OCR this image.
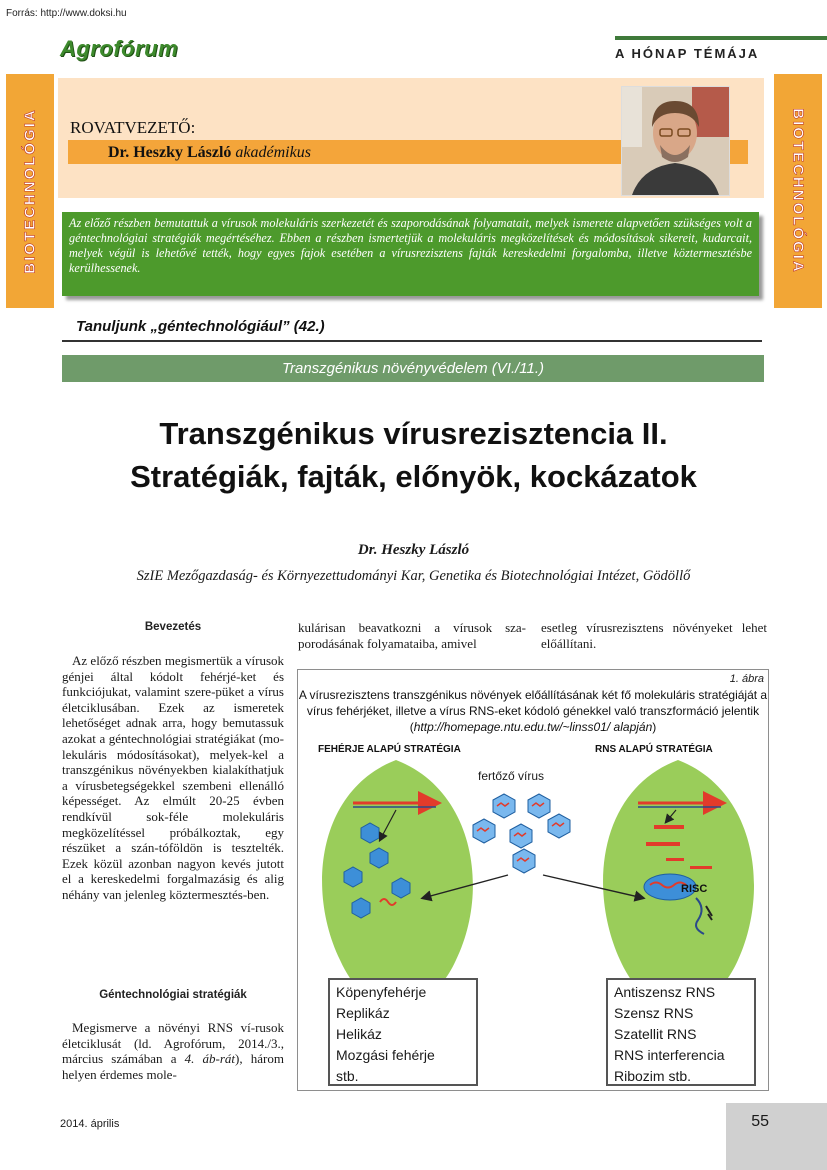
Forrás: http://www.doksi.hu
Agrofórum	A HÓNAP TÉMÁJA
BIOTECHNOLÓGIA	BIOTECHNOLÓGIA
ROVATVEZETŐ:
Dr. Heszky László akadémikus
Az előző részben bemutattuk a vírusok molekuláris szerkezetét és szaporodásának folyamatait, melyek ismerete alapvetően szükséges volt a géntechnológiai stratégiák megértéséhez. Ebben a részben ismertetjük a molekuláris megközelítések és módosítások sikereit, kudarcait, melyek végül is lehetővé tették, hogy egyes fajok esetében a vírusrezisztens fajták kereskedelmi forgalomba, illetve köztermesztésbe kerülhessenek.
Tanuljunk „géntechnológiául” (42.)
Transzgénikus növényvédelem (VI./11.)
Transzgénikus vírusrezisztencia II.
Stratégiák, fajták, előnyök, kockázatok
Dr. Heszky László
SzIE Mezőgazdaság- és Környezettudományi Kar, Genetika és Biotechnológiai Intézet, Gödöllő
Bevezetés
Az előző részben megismertük a vírusok génjei által kódolt fehérjé-ket és funkciójukat, valamint szere-püket a vírus életciklusában. Ezek az ismeretek lehetőséget adnak arra, hogy bemutassuk azokat a géntechnológiai stratégiákat (mo-lekuláris módosításokat), melyek-kel a transzgénikus növényekben kialakíthatjuk a vírusbetegségekkel szembeni ellenálló képességet. Az elmúlt 20-25 évben rendkívül sok-féle molekuláris megközelítéssel próbálkoztak, egy részüket a szán-tóföldön is tesztelték. Ezek közül azonban nagyon kevés jutott el a kereskedelmi forgalmazásig és alig néhány van jelenleg köztermesztés-ben.
Géntechnológiai stratégiák
Megismerve a növényi RNS ví-rusok életciklusát (ld. Agrofórum, 2014./3., március számában a 4. áb-rát), három helyen érdemes mole-
kulárisan beavatkozni a vírusok sza-porodásának folyamataiba, amivel
esetleg vírusrezisztens növényeket lehet előállítani.
1. ábra
A vírusrezisztens transzgénikus növények előállításának két fő molekuláris stratégiáját a vírus fehérjéket, illetve a vírus RNS-eket kódoló génekkel való transzformáció jelentik (http://homepage.ntu.edu.tw/~linss01/ alapján)
FEHÉRJE ALAPÚ STRATÉGIA	RNS ALAPÚ STRATÉGIA
fertőző vírus
RISC
Köpenyfehérje
Replikáz
Helikáz
Mozgási fehérje
stb.
Antiszensz RNS
Szensz RNS
Szatellit RNS
RNS interferencia
Ribozim stb.
2014. április	55
